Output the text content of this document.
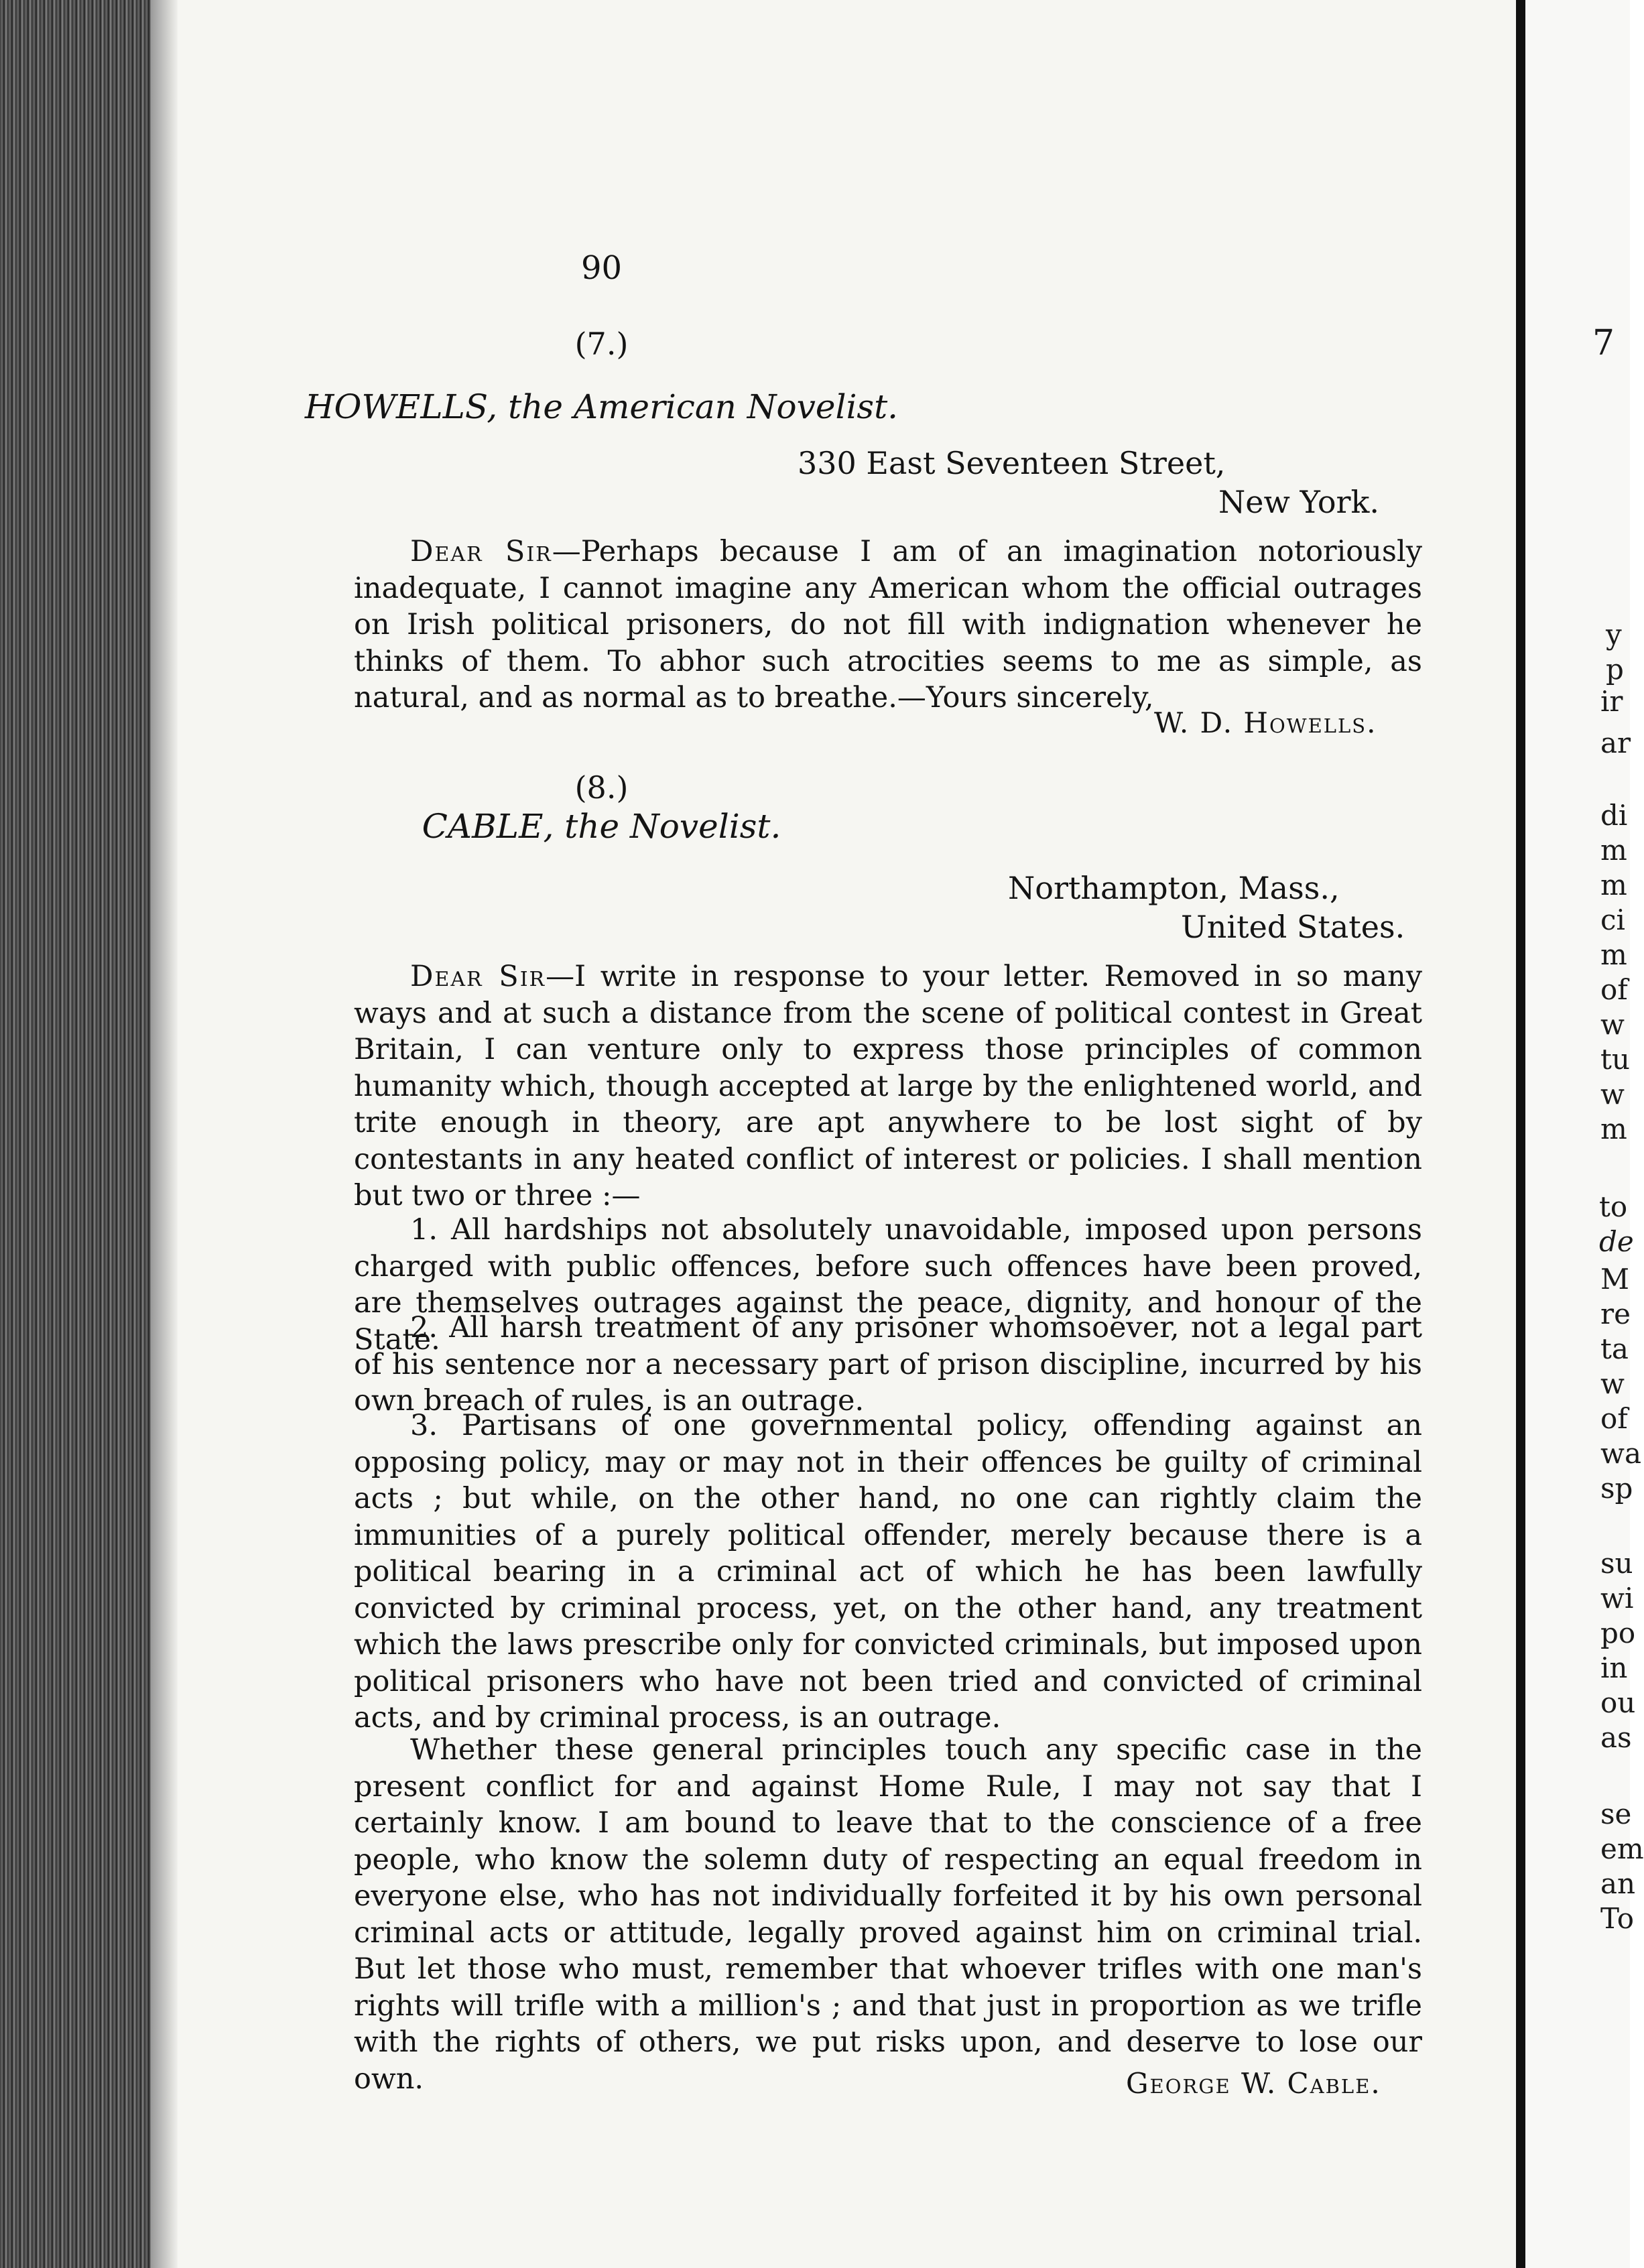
90

(7.)

HOWELLS, the American Novelist.

330 East Seventeen Street,

New York.

Dear Sir—Perhaps because I am of an imagination notoriously inadequate, I cannot imagine any American whom the official outrages on Irish political prisoners, do not fill with indignation whenever he thinks of them. To abhor such atrocities seems to me as simple, as natural, and as normal as to breathe.—Yours sincerely,

W. D. Howells.

(8.)

CABLE, the Novelist.

Northampton, Mass.,

United States.

Dear Sir—I write in response to your letter. Removed in so many ways and at such a distance from the scene of political contest in Great Britain, I can venture only to express those principles of common humanity which, though accepted at large by the enlightened world, and trite enough in theory, are apt anywhere to be lost sight of by contestants in any heated conflict of interest or policies. I shall mention but two or three :—

1. All hardships not absolutely unavoidable, imposed upon persons charged with public offences, before such offences have been proved, are themselves outrages against the peace, dignity, and honour of the State.

2. All harsh treatment of any prisoner whomsoever, not a legal part of his sentence nor a necessary part of prison discipline, incurred by his own breach of rules, is an outrage.

3. Partisans of one governmental policy, offending against an opposing policy, may or may not in their offences be guilty of criminal acts ; but while, on the other hand, no one can rightly claim the immunities of a purely political offender, merely because there is a political bearing in a criminal act of which he has been lawfully convicted by criminal process, yet, on the other hand, any treatment which the laws prescribe only for convicted criminals, but imposed upon political prisoners who have not been tried and convicted of criminal acts, and by criminal process, is an outrage.

Whether these general principles touch any specific case in the present conflict for and against Home Rule, I may not say that I certainly know. I am bound to leave that to the conscience of a free people, who know the solemn duty of respecting an equal freedom in everyone else, who has not individually forfeited it by his own personal criminal acts or attitude, legally proved against him on criminal trial. But let those who must, remember that whoever trifles with one man's rights will trifle with a million's ; and that just in proportion as we trifle with the rights of others, we put risks upon, and deserve to lose our own.	George W. Cable.

7
y
p
ir
ar
di
m
m
ci
m
of
w
tu
w
m
to
de
M
re
ta
w
of
wa
sp
su
wi
po
in
ou
as
se
em
an
To
